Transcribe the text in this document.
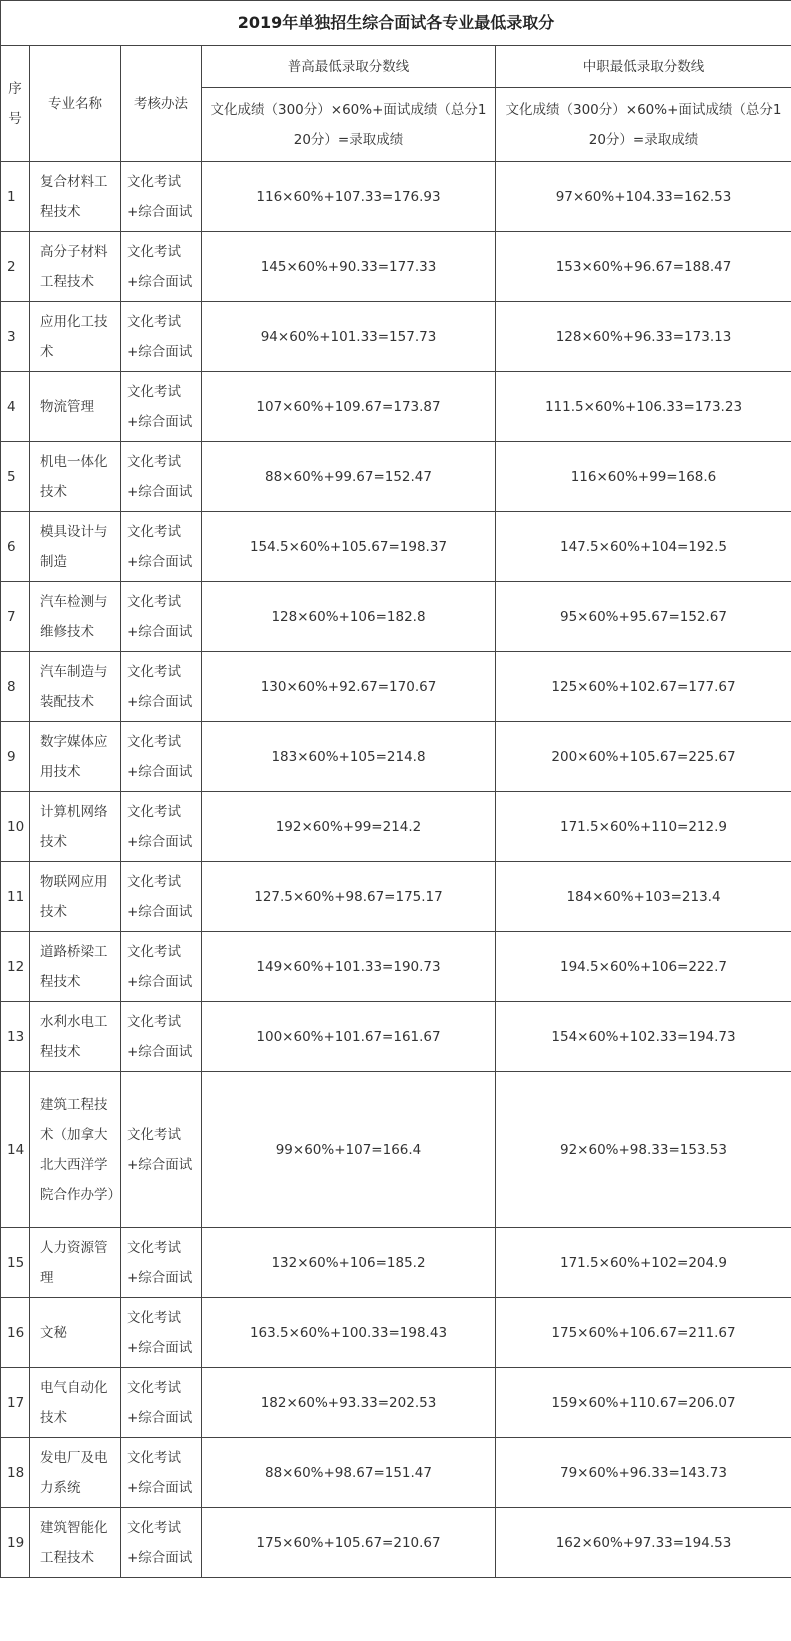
2019年单独招生综合面试各专业最低录取分				
序号	专业名称	考核办法	普高最低录取分数线	中职最低录取分数线
			文化成绩（300分）×60%+面试成绩（总分120分）=录取成绩	文化成绩（300分）×60%+面试成绩（总分120分）=录取成绩
1	复合材料工程技术	文化考试+综合面试	116×60%+107.33=176.93	97×60%+104.33=162.53
2	高分子材料工程技术	文化考试+综合面试	145×60%+90.33=177.33	153×60%+96.67=188.47
3	应用化工技术	文化考试+综合面试	94×60%+101.33=157.73	128×60%+96.33=173.13
4	物流管理	文化考试+综合面试	107×60%+109.67=173.87	111.5×60%+106.33=173.23
5	机电一体化技术	文化考试+综合面试	88×60%+99.67=152.47	116×60%+99=168.6
6	模具设计与制造	文化考试+综合面试	154.5×60%+105.67=198.37	147.5×60%+104=192.5
7	汽车检测与维修技术	文化考试+综合面试	128×60%+106=182.8	95×60%+95.67=152.67
8	汽车制造与装配技术	文化考试+综合面试	130×60%+92.67=170.67	125×60%+102.67=177.67
9	数字媒体应用技术	文化考试+综合面试	183×60%+105=214.8	200×60%+105.67=225.67
10	计算机网络技术	文化考试+综合面试	192×60%+99=214.2	171.5×60%+110=212.9
11	物联网应用技术	文化考试+综合面试	127.5×60%+98.67=175.17	184×60%+103=213.4
12	道路桥梁工程技术	文化考试+综合面试	149×60%+101.33=190.73	194.5×60%+106=222.7
13	水利水电工程技术	文化考试+综合面试	100×60%+101.67=161.67	154×60%+102.33=194.73
14	建筑工程技术（加拿大北大西洋学院合作办学）	文化考试+综合面试	99×60%+107=166.4	92×60%+98.33=153.53
15	人力资源管理	文化考试+综合面试	132×60%+106=185.2	171.5×60%+102=204.9
16	文秘	文化考试+综合面试	163.5×60%+100.33=198.43	175×60%+106.67=211.67
17	电气自动化技术	文化考试+综合面试	182×60%+93.33=202.53	159×60%+110.67=206.07
18	发电厂及电力系统	文化考试+综合面试	88×60%+98.67=151.47	79×60%+96.33=143.73
19	建筑智能化工程技术	文化考试+综合面试	175×60%+105.67=210.67	162×60%+97.33=194.53
